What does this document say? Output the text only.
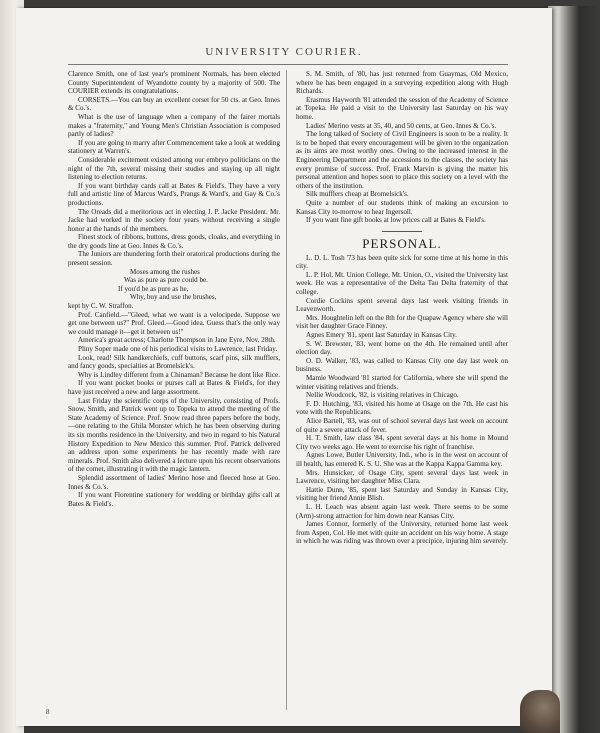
UNIVERSITY COURIER.

Clarence Smith, one of last year's prominent Normals, has been elected County Superintendent of Wyandotte county by a majority of 500. The COURIER extends its congratulations.

CORSETS.—You can buy an excellent corset for 50 cts. at Geo. Innes & Co.'s.

What is the use of language when a company of the fairer mortals makes a "fraternity," and Young Men's Christian Association is composed partly of ladies?

If you are going to marry after Commencement take a look at wedding stationery at Warren's.

Considerable excitement existed among our embryo politicians on the night of the 7th, several missing their studies and staying up all night listening to election returns.

If you want birthday cards call at Bates & Field's. They have a very full and artistic line of Marcus Ward's, Prangs & Ward's, and Gay & Co.'s productions.

The Oreads did a meritorious act in electing J. P. Jacke President. Mr. Jacke had worked in the society four years without receiving a single honor at the hands of the members.

Finest stock of ribbons, buttons, dress goods, cloaks, and everything in the dry goods line at Geo. Innes & Co.'s.

The Juniors are thundering forth their oratorical productions during the present session.

Moses among the rushes

Was as pure as pure could be.

If you'd be as pure as he,

Why, buy and use the brushes,

kept by C. W. Straffon.

Prof. Canfield.—"Gleed, what we want is a velocipede. Suppose we get one between us?" Prof. Gleed.—Good idea. Guess that's the only way we could manage it—get it between us!"

America's great actress; Charlotte Thompson in Jane Eyre, Nov. 28th.

Pliny Soper made one of his periodical visits to Lawrence, last Friday.

Look, read! Silk handkerchiefs, cuff buttons, scarf pins, silk mufflers, and fancy goods, specialties at Bromelsick's.

Why is Lindley different from a Chinaman? Because he dont like Rice.

If you want pocket books or purses call at Bates & Field's, for they have just received a new and large assortment.

Last Friday the scientific corps of the University, consisting of Profs. Snow, Smith, and Patrick went up to Topeka to attend the meeting of the State Academy of Science. Prof. Snow read three papers before the body,—one relating to the Ghila Monster which he has been observing during its six months residence in the University, and two in regard to his Natural History Expedition to New Mexico this summer. Prof. Patrick delivered an address upon some experiments he has recently made with rare minerals. Prof. Smith also delivered a lecture upon his recent observations of the comet, illustrating it with the magic lantern.

Splendid assortment of ladies' Merino hose and fleeced hose at Geo. Innes & Co.'s.

If you want Florentine stationery for wedding or birthday gifts call at Bates & Field's.

S. M. Smith, of '80, has just returned from Guaymas, Old Mexico, where he has been engaged in a surveying expedition along with Hugh Richards.

Erasmus Hayworth '81 attended the session of the Academy of Science at Topeka. He paid a visit to the University last Saturday on his way home.

Ladies' Merino vests at 35, 40, and 50 cents, at Geo. Innes & Co.'s.

The long talked of Society of Civil Engineers is soon to be a reality. It is to be hoped that every encouragement will be given to the organization as its aims are most worthy ones. Owing to the increased interest in the Engineering Department and the accessions to the classes, the society has every promise of success. Prof. Frank Marvin is giving the matter his personal attention and hopes soon to place this society on a level with the others of the institution.

Silk mufflers cheap at Bromelsick's.

Quite a number of our students think of making an excursion to Kansas City to-morrow to hear Ingersoll.

If you want fine gift books at low prices call at Bates & Field's.

PERSONAL.

L. D. L. Tosh '73 has been quite sick for some time at his home in this city.

L. P. Hol, Mt. Union College, Mt. Union, O., visited the University last week. He was a representative of the Delta Tau Delta fraternity of that college.

Cordie Cockins spent several days last week visiting friends in Leavenworth.

Mrs. Houghtelin left on the 8th for the Quapaw Agency where she will visit her daughter Grace Finney.

Agnes Emery '81, spent last Saturday in Kansas City.

S. W. Brewster, '83, went home on the 4th. He remained until after election day.

O. D. Walker, '83, was called to Kansas City one day last week on business.

Mamie Woodward '81 started for California, where she will spend the winter visiting relatives and friends.

Nellie Woodcock, '82, is visiting relatives in Chicago.

F. D. Hutching, '83, visited his home at Osage on the 7th. He cast his vote with the Republicans.

Alice Bartell, '83, was out of school several days last week on account of quite a severe attack of fever.

H. T. Smith, law class '84, spent several days at his home in Mound City two weeks ago. He went to exercise his right of franchise.

Agnes Lowe, Butler University, Ind., who is in the west on account of ill health, has entered K. S. U. She was at the Kappa Kappa Gamma key.

Mrs. Hunsicker, of Osage City, spent several days last week in Lawrence, visiting her daughter Miss Clara.

Hattie Dunn, '85, spent last Saturday and Sunday in Kansas City, visiting her friend Annie Blish.

L. H. Leach was absent again last week. There seems to be some (Arm)-strong attraction for him down near Kansas City.

James Connor, formerly of the University, returned home last week from Aspen, Col. He met with quite an accident on his way home. A stage in which he was riding was thrown over a precipice, injuring him severely.

8
